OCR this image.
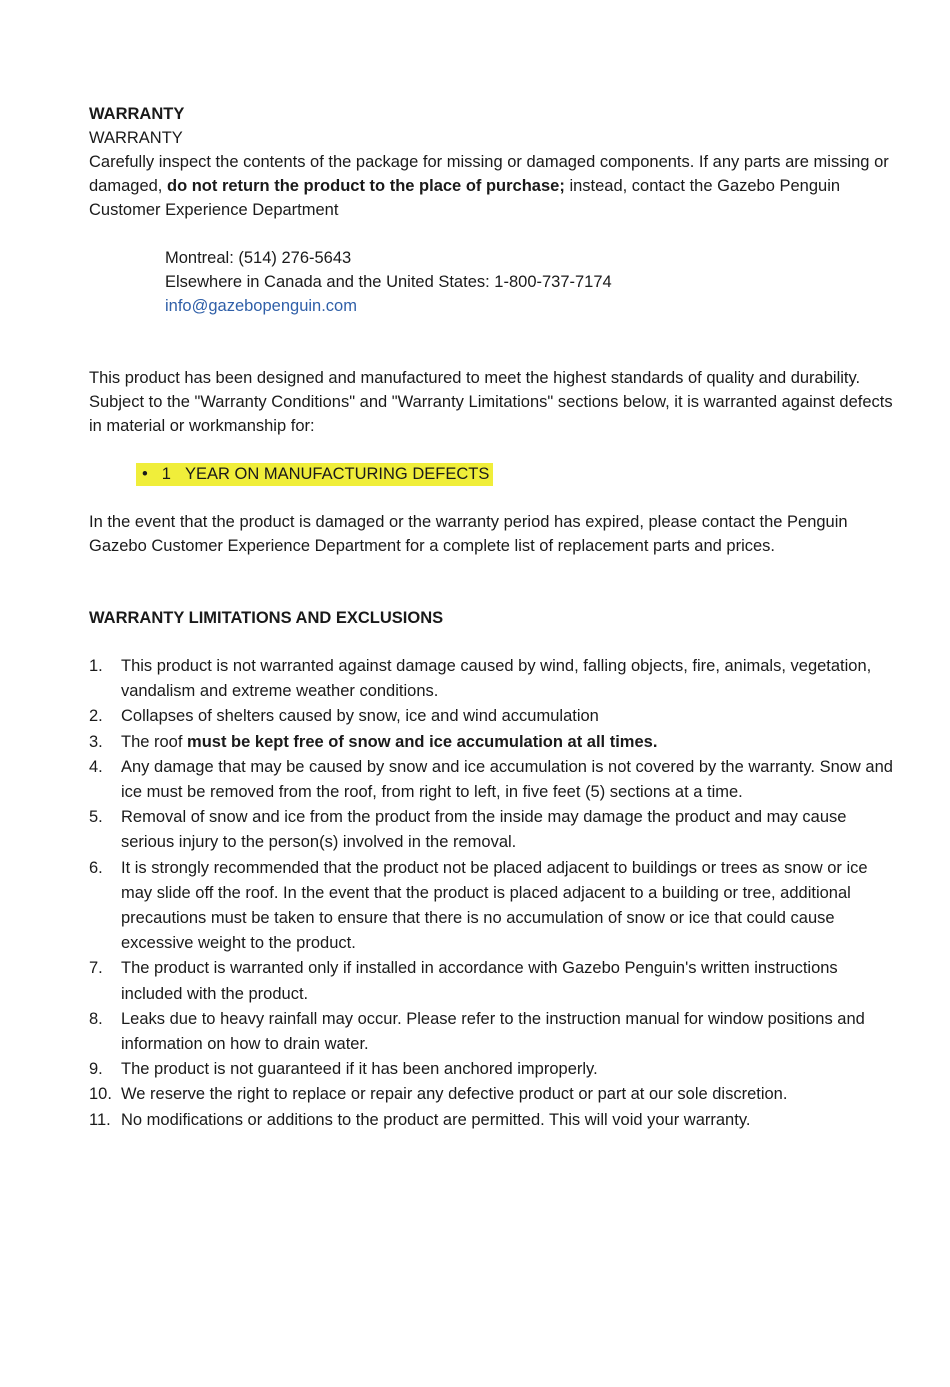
WARRANTY

WARRANTY

Carefully inspect the contents of the package for missing or damaged components. If any parts are missing or damaged, do not return the product to the place of purchase; instead, contact the Gazebo Penguin Customer Experience Department

Montreal: (514) 276-5643
Elsewhere in Canada and the United States: 1-800-737-7174
info@gazebopenguin.com

This product has been designed and manufactured to meet the highest standards of quality and durability. Subject to the "Warranty Conditions" and "Warranty Limitations" sections below, it is warranted against defects in material or workmanship for:

• 1 YEAR ON MANUFACTURING DEFECTS

In the event that the product is damaged or the warranty period has expired, please contact the Penguin Gazebo Customer Experience Department for a complete list of replacement parts and prices.

WARRANTY LIMITATIONS AND EXCLUSIONS

1. This product is not warranted against damage caused by wind, falling objects, fire, animals, vegetation, vandalism and extreme weather conditions.
2. Collapses of shelters caused by snow, ice and wind accumulation
3. The roof must be kept free of snow and ice accumulation at all times.
4. Any damage that may be caused by snow and ice accumulation is not covered by the warranty. Snow and ice must be removed from the roof, from right to left, in five feet (5) sections at a time.
5. Removal of snow and ice from the product from the inside may damage the product and may cause serious injury to the person(s) involved in the removal.
6. It is strongly recommended that the product not be placed adjacent to buildings or trees as snow or ice may slide off the roof. In the event that the product is placed adjacent to a building or tree, additional precautions must be taken to ensure that there is no accumulation of snow or ice that could cause excessive weight to the product.
7. The product is warranted only if installed in accordance with Gazebo Penguin's written instructions included with the product.
8. Leaks due to heavy rainfall may occur. Please refer to the instruction manual for window positions and information on how to drain water.
9. The product is not guaranteed if it has been anchored improperly.
10. We reserve the right to replace or repair any defective product or part at our sole discretion.
11. No modifications or additions to the product are permitted. This will void your warranty.
